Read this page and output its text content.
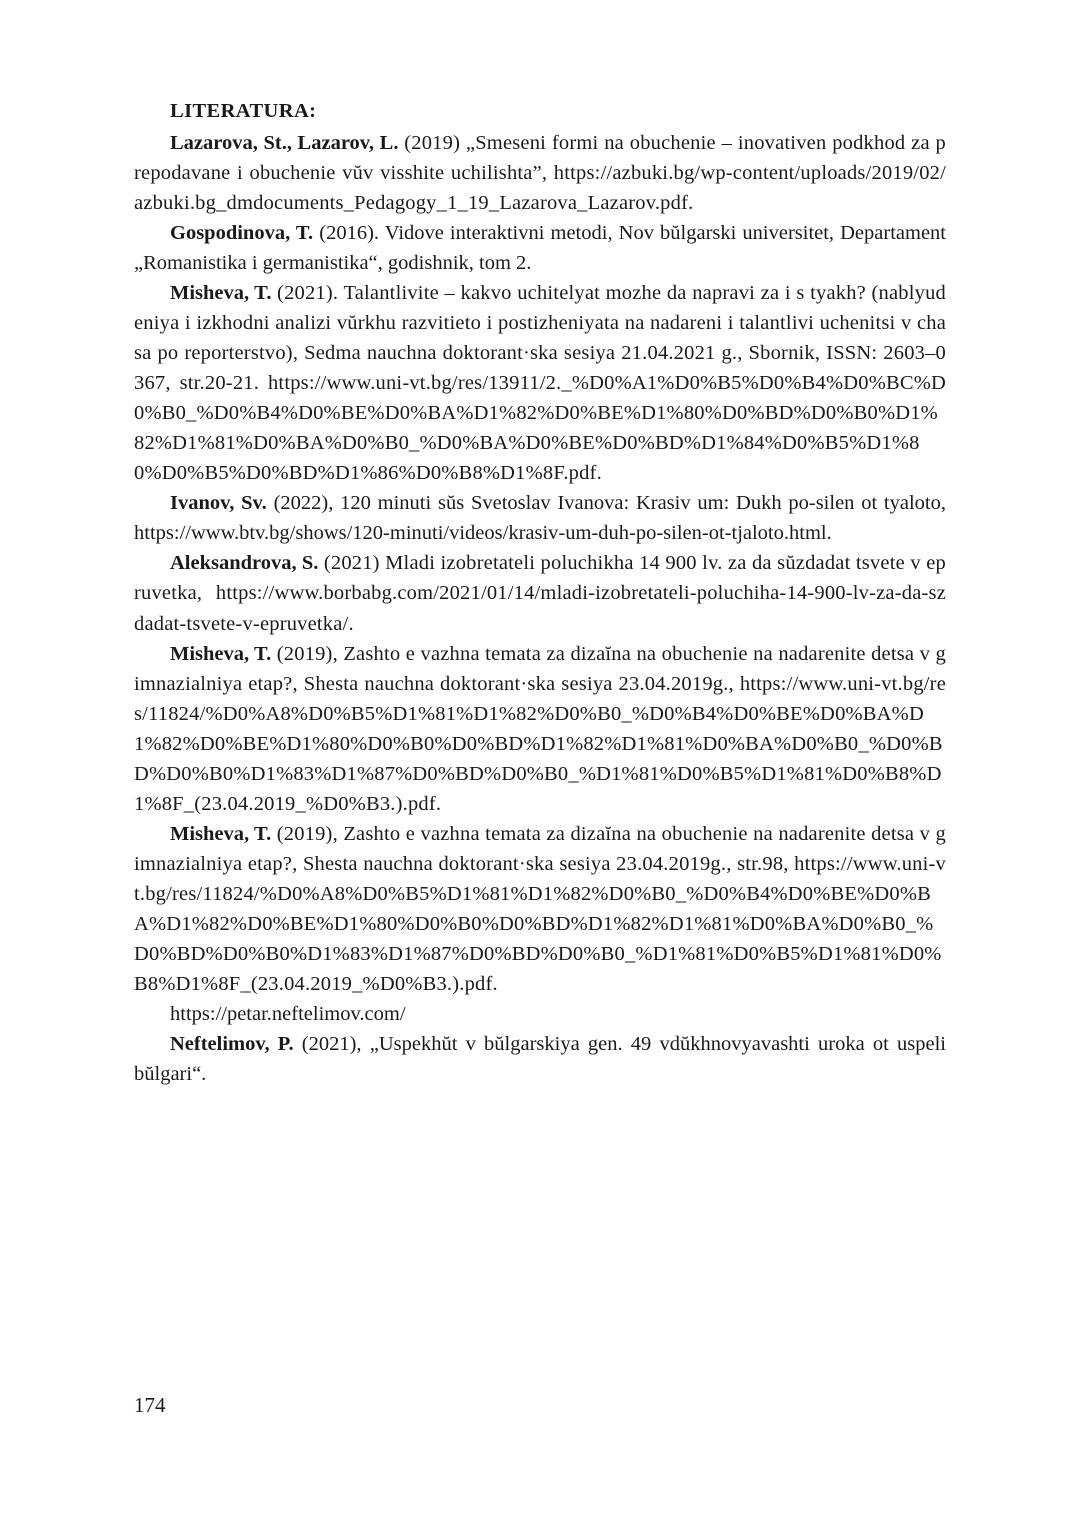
LITERATURA:

Lazarova, St., Lazarov, L. (2019) „Smeseni formi na obuchenie – inovativen podkhod za prepodavane i obuchenie vŭv visshite uchilishta”, https://azbuki.bg/wp-content/uploads/2019/02/azbuki.bg_dmdocuments_Pedagogy_1_19_Lazarova_Lazarov.pdf.

Gospodinova, T. (2016). Vidove interaktivni metodi, Nov bŭlgarski universitet, Departament „Romanistika i germanistika“, godishnik, tom 2.

Misheva, T. (2021). Talantlivite – kakvo uchitelyat mozhe da napravi za i s tyakh? (nablyudeniya i izkhodni analizi vŭrkhu razvitieto i postizheniyata na nadareni i talantlivi uchenitsi v chasa po reporterstvo), Sedma nauchna doktorant·ska sesiya 21.04.2021 g., Sbornik, ISSN: 2603–0367, str.20-21. https://www.uni-vt.bg/res/13911/2._%D0%A1%D0%B5%D0%B4%D0%BC%D0%B0_%D0%B4%D0%BE%D0%BA%D1%82%D0%BE%D1%80%D0%BD%D0%B0%D1%82%D1%81%D0%BA%D0%B0_%D0%BA%D0%BE%D0%BD%D1%84%D0%B5%D1%80%D0%B5%D0%BD%D1%86%D0%B8%D1%8F.pdf.

Ivanov, Sv. (2022), 120 minuti sŭs Svetoslav Ivanova: Krasiv um: Dukh po-silen ot tyaloto, https://www.btv.bg/shows/120-minuti/videos/krasiv-um-duh-po-silen-ot-tjaloto.html.

Aleksandrova, S. (2021) Mladi izobretateli poluchikha 14 900 lv. za da sŭzdadat tsvete v epruvetka, https://www.borbabg.com/2021/01/14/mladi-izobretateli-poluchiha-14-900-lv-za-da-szdadat-tsvete-v-epruvetka/.

Misheva, T. (2019), Zashto e vazhna temata za dizaĭna na obuchenie na nadarenite detsa v gimnazialniya etap?, Shesta nauchna doktorant·ska sesiya 23.04.2019g., https://www.uni-vt.bg/res/11824/%D0%A8%D0%B5%D1%81%D1%82%D0%B0_%D0%B4%D0%BE%D0%BA%D1%82%D0%BE%D1%80%D0%B0%D0%BD%D1%82%D1%81%D0%BA%D0%B0_%D0%BD%D0%B0%D1%83%D1%87%D0%BD%D0%B0_%D1%81%D0%B5%D1%81%D0%B8%D1%8F_(23.04.2019_%D0%B3.).pdf.

Misheva, T. (2019), Zashto e vazhna temata za dizaĭna na obuchenie na nadarenite detsa v gimnazialniya etap?, Shesta nauchna doktorant·ska sesiya 23.04.2019g., str.98, https://www.uni-vt.bg/res/11824/%D0%A8%D0%B5%D1%81%D1%82%D0%B0_%D0%B4%D0%BE%D0%BA%D1%82%D0%BE%D1%80%D0%B0%D0%BD%D1%82%D1%81%D0%BA%D0%B0_%D0%BD%D0%B0%D1%83%D1%87%D0%BD%D0%B0_%D1%81%D0%B5%D1%81%D0%B8%D1%8F_(23.04.2019_%D0%B3.).pdf.

https://petar.neftelimov.com/

Neftelimov, P. (2021), „Uspekhŭt v bŭlgarskiya gen. 49 vdŭkhnovyavashti uroka ot uspeli bŭlgari“.

174
